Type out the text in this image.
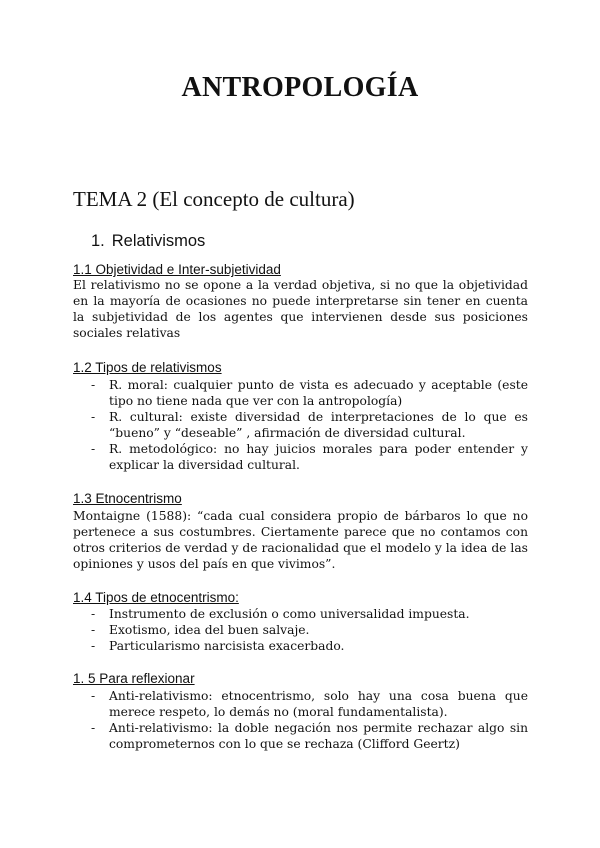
ANTROPOLOGÍA
TEMA 2 (El concepto de cultura)
1. Relativismos
1.1 Objetividad e Inter-subjetividad
El relativismo no se opone a la verdad objetiva, si no que la objetividad en la mayoría de ocasiones no puede interpretarse sin tener en cuenta la subjetividad de los agentes que intervienen desde sus posiciones sociales relativas
1.2 Tipos de relativismos
- R. moral: cualquier punto de vista es adecuado y aceptable (este tipo no tiene nada que ver con la antropología)
- R. cultural: existe diversidad de interpretaciones de lo que es “bueno” y “deseable” , afirmación de diversidad cultural.
- R. metodológico: no hay juicios morales para poder entender y explicar la diversidad cultural.
1.3 Etnocentrismo
Montaigne (1588): “cada cual considera propio de bárbaros lo que no pertenece a sus costumbres. Ciertamente parece que no contamos con otros criterios de verdad y de racionalidad que el modelo y la idea de las opiniones y usos del país en que vivimos”.
1.4 Tipos de etnocentrismo:
- Instrumento de exclusión o como universalidad impuesta.
- Exotismo, idea del buen salvaje.
- Particularismo narcisista exacerbado.
1. 5 Para reflexionar
- Anti-relativismo: etnocentrismo, solo hay una cosa buena que merece respeto, lo demás no (moral fundamentalista).
- Anti-relativismo: la doble negación nos permite rechazar algo sin comprometernos con lo que se rechaza (Clifford Geertz)
